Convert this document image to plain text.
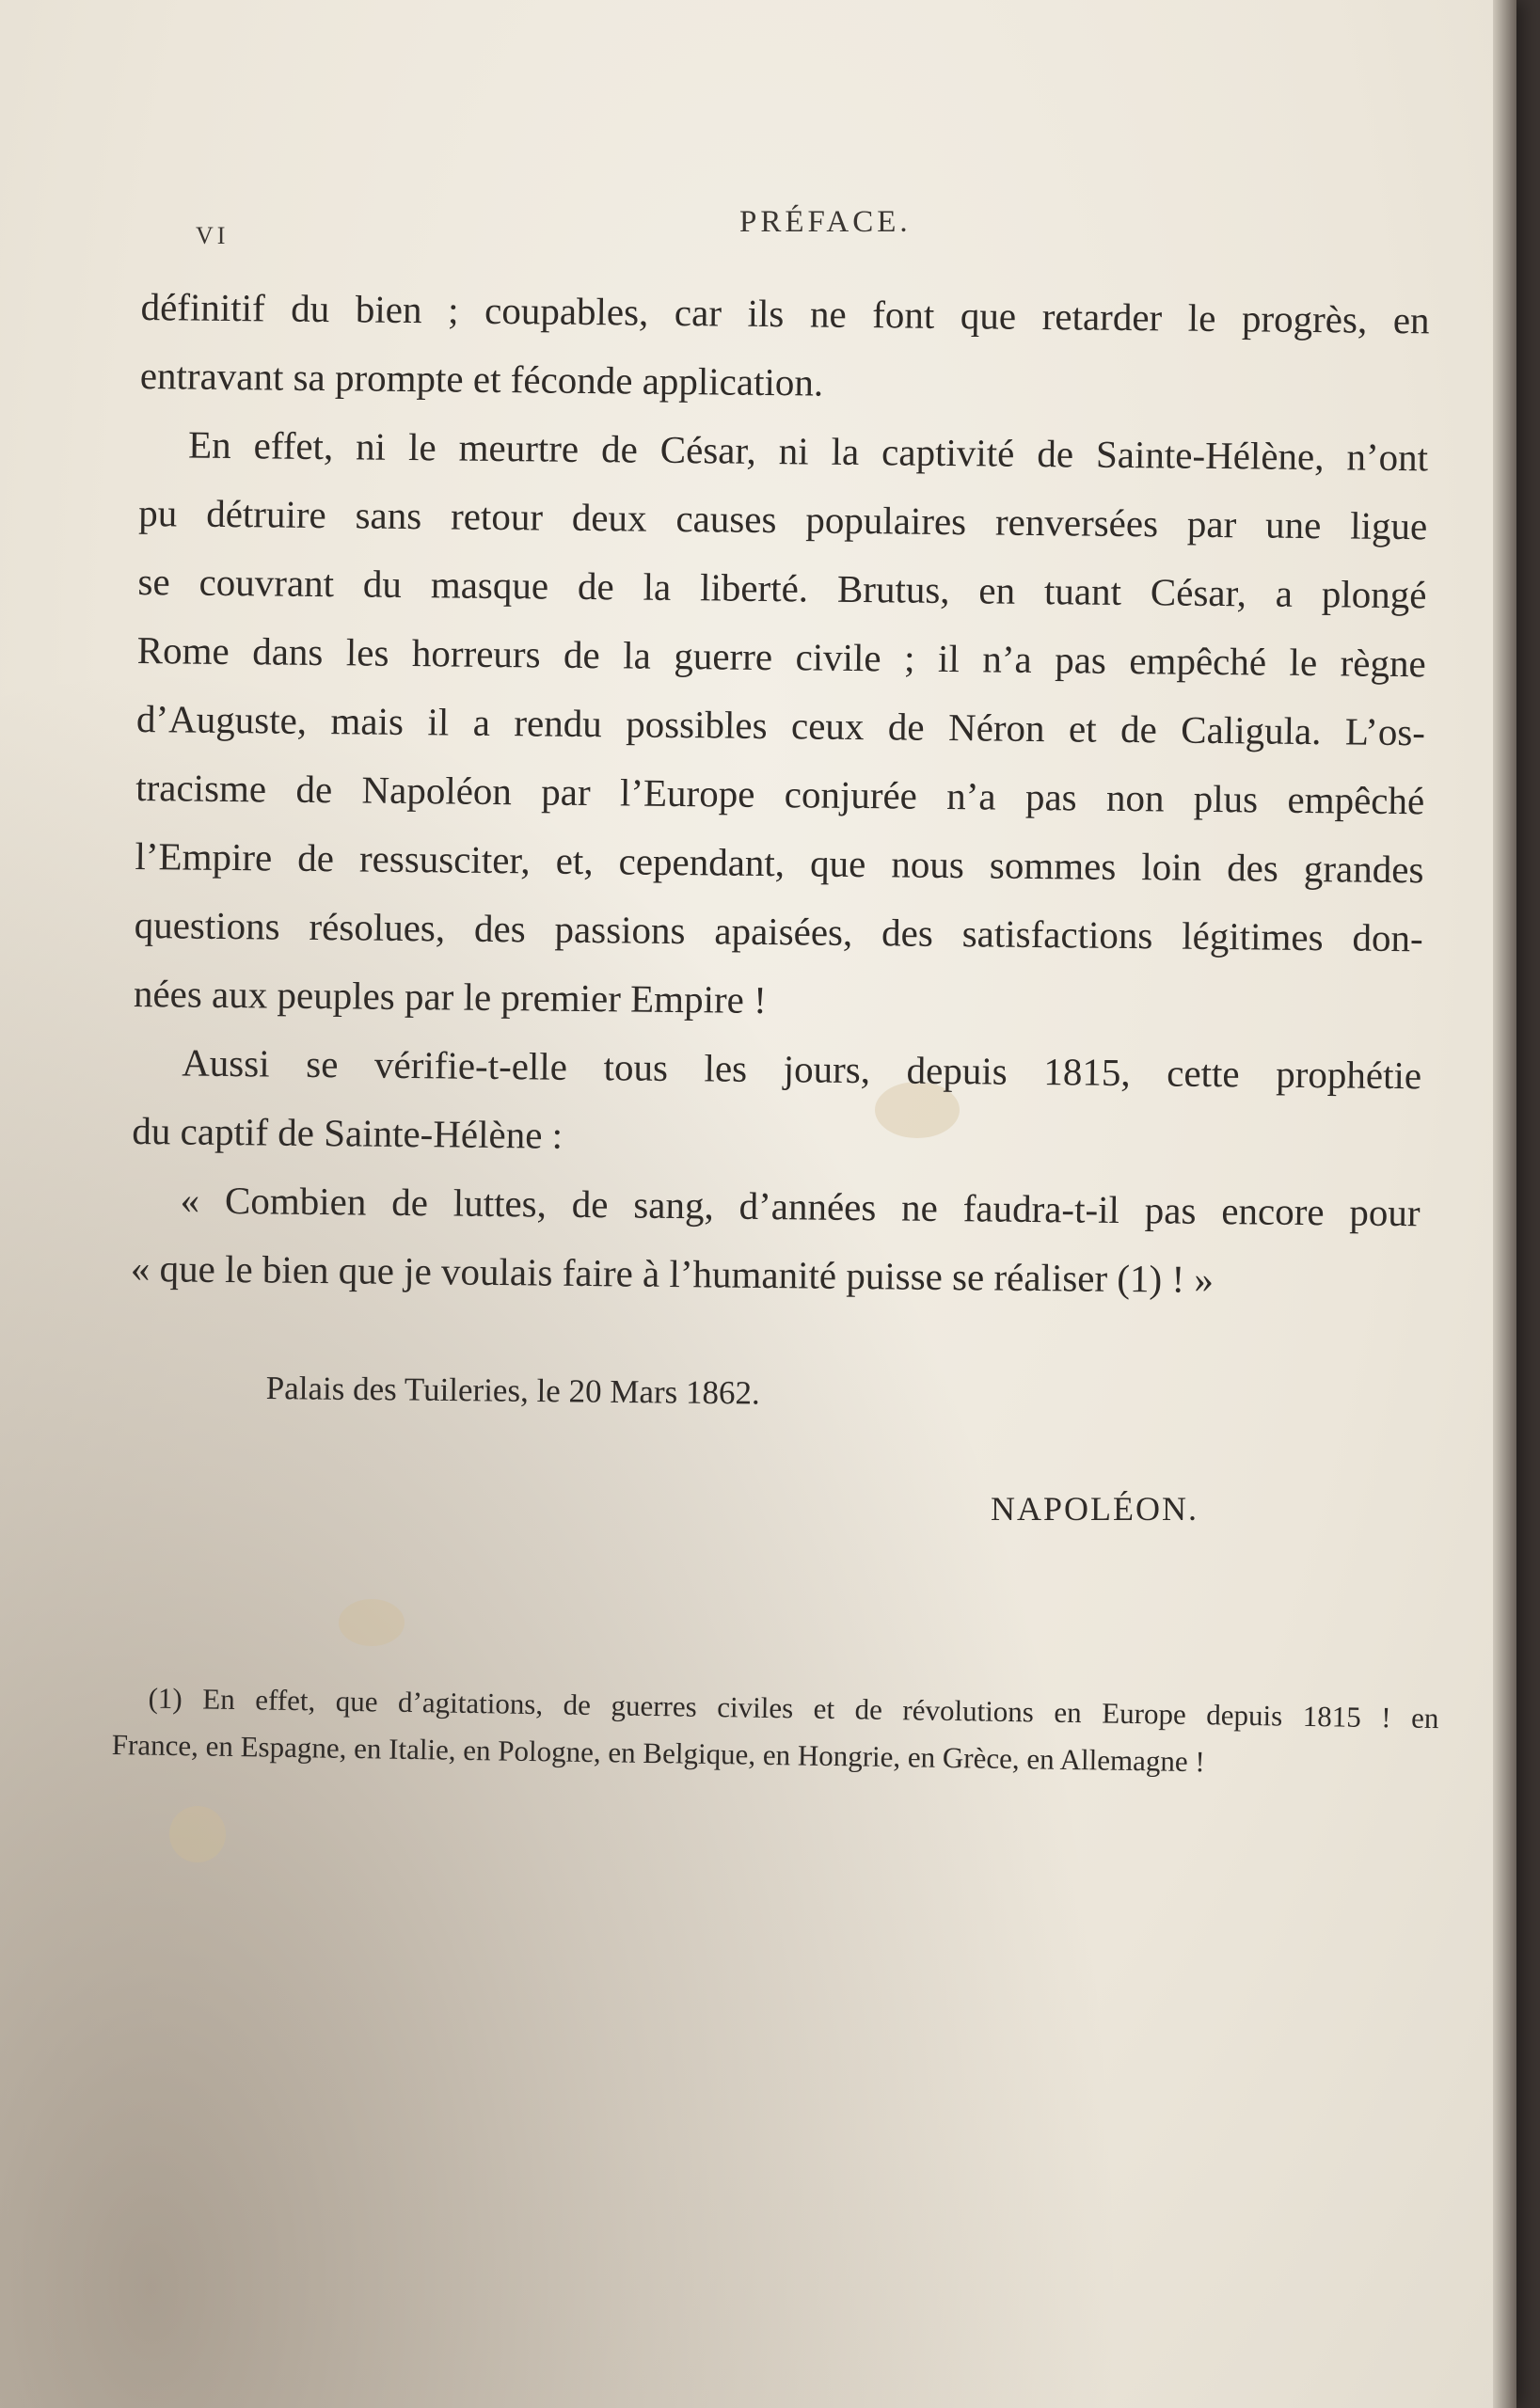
VI	PRÉFACE.
définitif du bien ; coupables, car ils ne font que retarder le progrès, en
entravant sa prompte et féconde application.
En effet, ni le meurtre de César, ni la captivité de Sainte-Hélène, n’ont
pu détruire sans retour deux causes populaires renversées par une ligue
se couvrant du masque de la liberté. Brutus, en tuant César, a plongé
Rome dans les horreurs de la guerre civile ; il n’a pas empêché le règne
d’Auguste, mais il a rendu possibles ceux de Néron et de Caligula. L’os-
tracisme de Napoléon par l’Europe conjurée n’a pas non plus empêché
l’Empire de ressusciter, et, cependant, que nous sommes loin des grandes
questions résolues, des passions apaisées, des satisfactions légitimes don-
nées aux peuples par le premier Empire !
Aussi se vérifie-t-elle tous les jours, depuis 1815, cette prophétie
du captif de Sainte-Hélène :
« Combien de luttes, de sang, d’années ne faudra-t-il pas encore pour
« que le bien que je voulais faire à l’humanité puisse se réaliser (1) ! »
Palais des Tuileries, le 20 Mars 1862.
NAPOLÉON.
(1) En effet, que d’agitations, de guerres civiles et de révolutions en Europe depuis 1815 ! en
France, en Espagne, en Italie, en Pologne, en Belgique, en Hongrie, en Grèce, en Allemagne !
